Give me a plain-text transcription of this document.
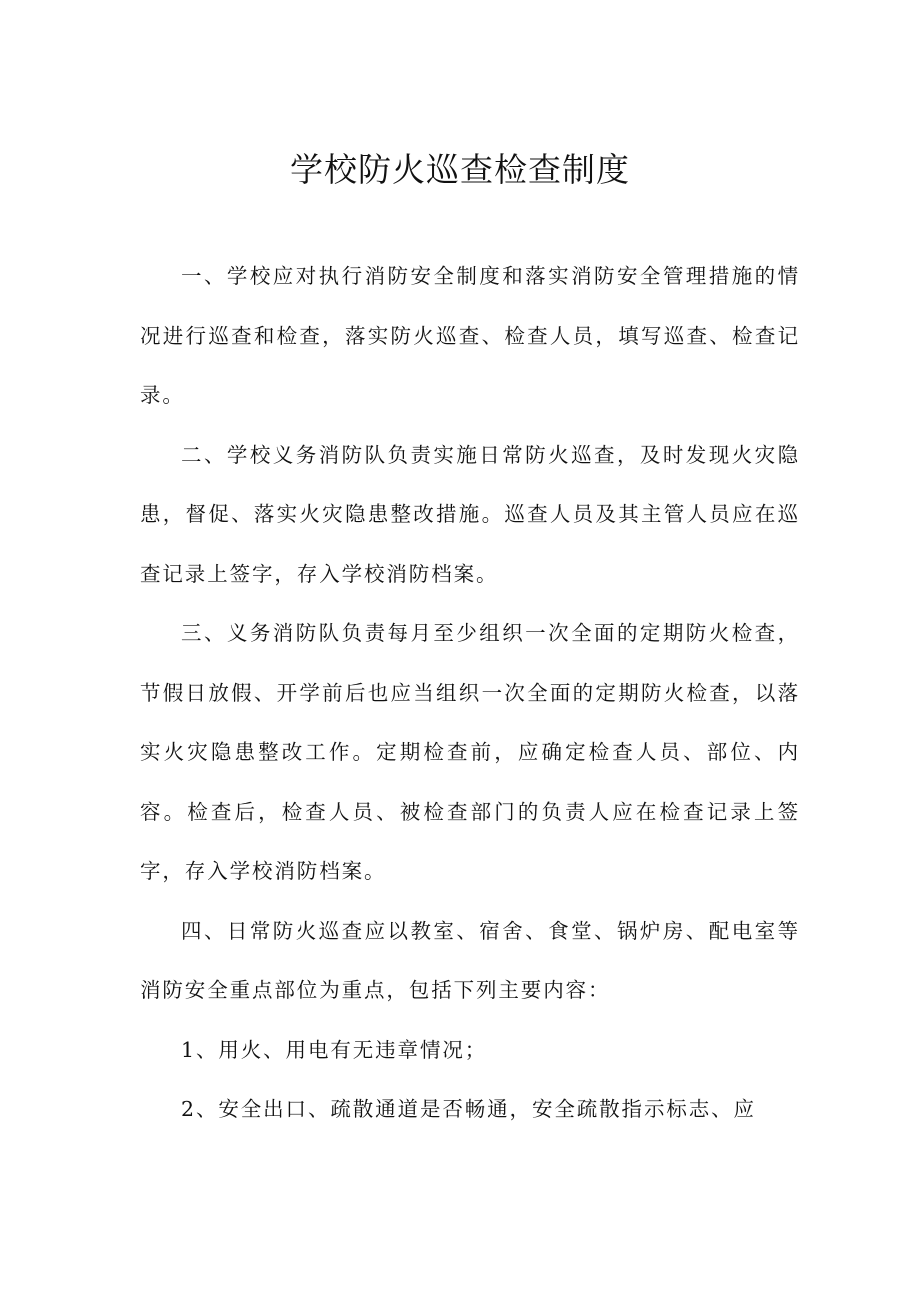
学校防火巡查检查制度

一、学校应对执行消防安全制度和落实消防安全管理措施的情况进行巡查和检查，落实防火巡查、检查人员，填写巡查、检查记录。

二、学校义务消防队负责实施日常防火巡查，及时发现火灾隐患，督促、落实火灾隐患整改措施。巡查人员及其主管人员应在巡查记录上签字，存入学校消防档案。

三、义务消防队负责每月至少组织一次全面的定期防火检查，节假日放假、开学前后也应当组织一次全面的定期防火检查，以落实火灾隐患整改工作。定期检查前，应确定检查人员、部位、内容。检查后，检查人员、被检查部门的负责人应在检查记录上签字，存入学校消防档案。

四、日常防火巡查应以教室、宿舍、食堂、锅炉房、配电室等消防安全重点部位为重点，包括下列主要内容：

1、用火、用电有无违章情况；

2、安全出口、疏散通道是否畅通，安全疏散指示标志、应
